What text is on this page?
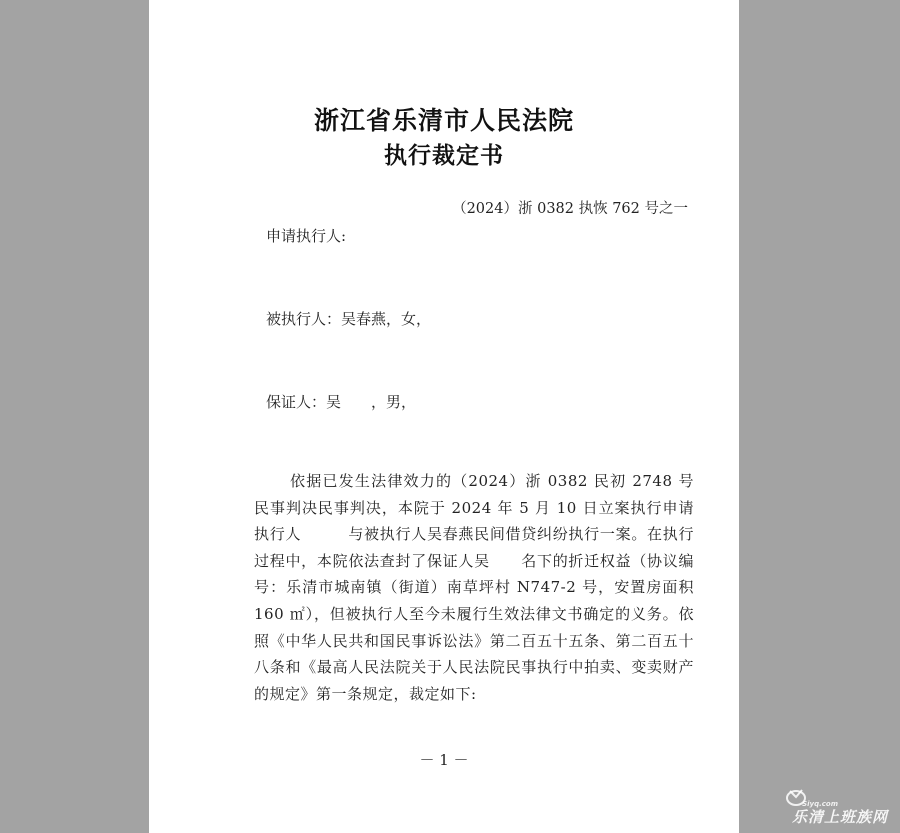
浙江省乐清市人民法院
执行裁定书
（2024）浙 0382 执恢 762 号之一
申请执行人:
被执行人：吴春燕，女，
保证人：吴　　，男，

依据已发生法律效力的（2024）浙 0382 民初 2748 号民事判决民事判决，本院于 2024 年 5 月 10 日立案执行申请执行人　　　与被执行人吴春燕民间借贷纠纷执行一案。在执行过程中，本院依法查封了保证人吴　　名下的折迁权益（协议编号：乐清市城南镇（街道）南草坪村 N747-2 号，安置房面积 160 ㎡），但被执行人至今未履行生效法律文书确定的义务。依照《中华人民共和国民事诉讼法》第二百五十五条、第二百五十八条和《最高人民法院关于人民法院民事执行中拍卖、变卖财产的规定》第一条规定，裁定如下:

－ 1 －
Siyq.com
乐清上班族网
